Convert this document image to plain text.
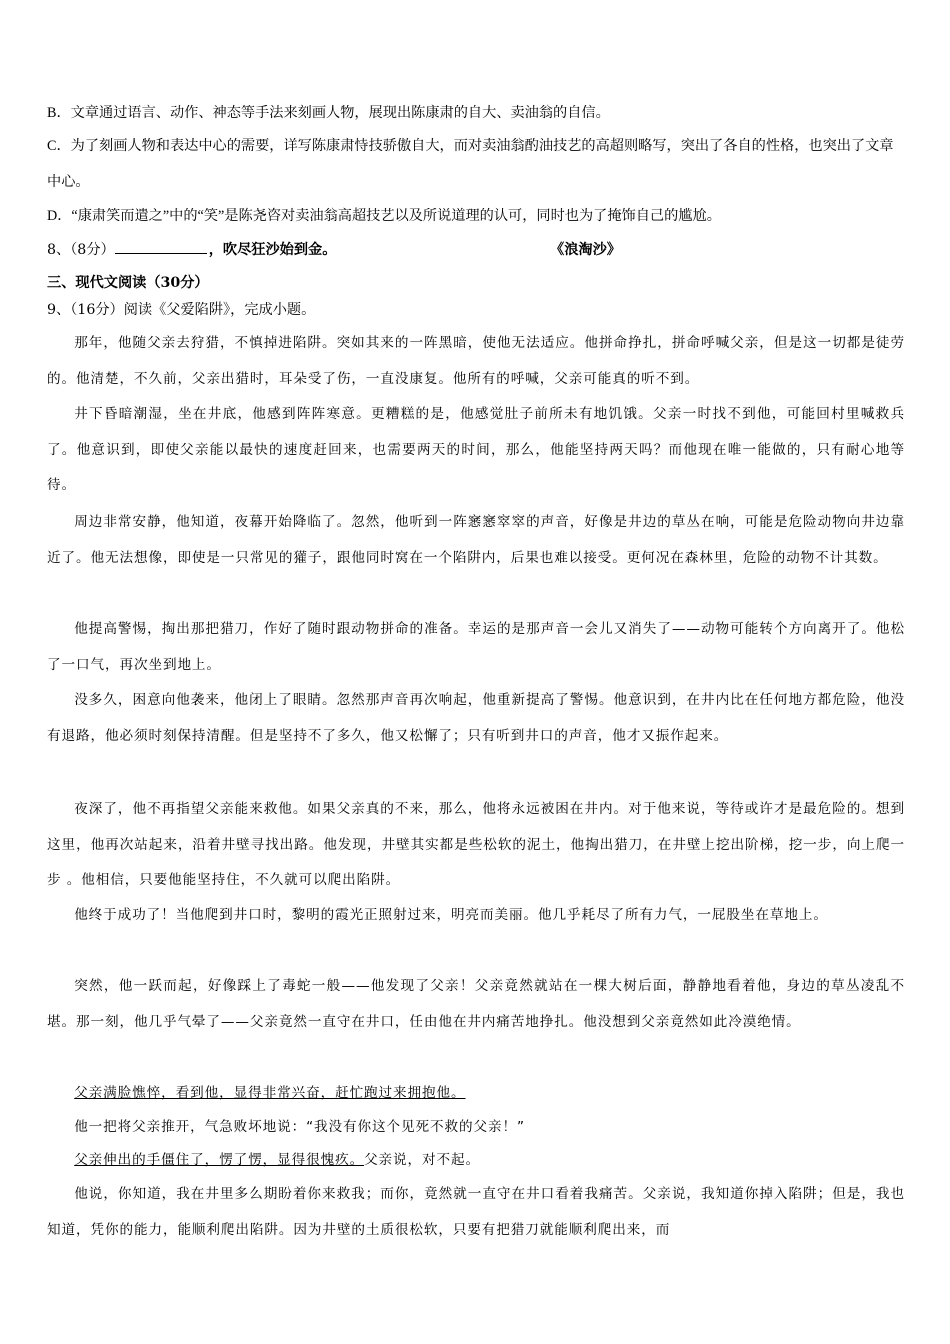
B．文章通过语言、动作、神态等手法来刻画人物，展现出陈康肃的自大、卖油翁的自信。

C．为了刻画人物和表达中心的需要，详写陈康肃恃技骄傲自大，而对卖油翁酌油技艺的高超则略写，突出了各自的性格，也突出了文章中心。

D．“康肃笑而遣之”中的“笑”是陈尧咨对卖油翁高超技艺以及所说道理的认可，同时也为了掩饰自己的尴尬。

8、（8分）	，吹尽狂沙始到金。	《浪淘沙》

三、现代文阅读（30分）

9、（16分）阅读《父爱陷阱》，完成小题。

那年，他随父亲去狩猎，不慎掉进陷阱。突如其来的一阵黑暗，使他无法适应。他拼命挣扎，拼命呼喊父亲，但是这一切都是徒劳的。他清楚，不久前，父亲出猎时，耳朵受了伤，一直没康复。他所有的呼喊，父亲可能真的听不到。

井下昏暗潮湿，坐在井底，他感到阵阵寒意。更糟糕的是，他感觉肚子前所未有地饥饿。父亲一时找不到他，可能回村里喊救兵了。他意识到，即使父亲能以最快的速度赶回来，也需要两天的时间，那么，他能坚持两天吗？而他现在唯一能做的，只有耐心地等待。

周边非常安静，他知道，夜幕开始降临了。忽然，他听到一阵窸窸窣窣的声音，好像是井边的草丛在响，可能是危险动物向井边靠近了。他无法想像，即使是一只常见的獾子，跟他同时窝在一个陷阱内，后果也难以接受。更何况在森林里，危险的动物不计其数。

他提高警惕，掏出那把猎刀，作好了随时跟动物拼命的准备。幸运的是那声音一会儿又消失了——动物可能转个方向离开了。他松了一口气，再次坐到地上。

没多久，困意向他袭来，他闭上了眼睛。忽然那声音再次响起，他重新提高了警惕。他意识到，在井内比在任何地方都危险，他没有退路，他必须时刻保持清醒。但是坚持不了多久，他又松懈了；只有听到井口的声音，他才又振作起来。

夜深了，他不再指望父亲能来救他。如果父亲真的不来，那么，他将永远被困在井内。对于他来说，等待或许才是最危险的。想到这里，他再次站起来，沿着井壁寻找出路。他发现，井壁其实都是些松软的泥土，他掏出猎刀，在井壁上挖出阶梯，挖一步，向上爬一步 。他相信，只要他能坚持住，不久就可以爬出陷阱。

他终于成功了！当他爬到井口时，黎明的霞光正照射过来，明亮而美丽。他几乎耗尽了所有力气，一屁股坐在草地上。

突然，他一跃而起，好像踩上了毒蛇一般——他发现了父亲！父亲竟然就站在一棵大树后面，静静地看着他，身边的草丛凌乱不堪。那一刻，他几乎气晕了——父亲竟然一直守在井口，任由他在井内痛苦地挣扎。他没想到父亲竟然如此冷漠绝情。

父亲满脸憔悴，看到他，显得非常兴奋，赶忙跑过来拥抱他。

他一把将父亲推开，气急败坏地说：“我没有你这个见死不救的父亲！”

父亲伸出的手僵住了，愣了愣，显得很愧疚。父亲说，对不起。

他说，你知道，我在井里多么期盼着你来救我；而你，竟然就一直守在井口看着我痛苦。父亲说，我知道你掉入陷阱；但是，我也知道，凭你的能力，能顺利爬出陷阱。因为井壁的土质很松软，只要有把猎刀就能顺利爬出来，而
